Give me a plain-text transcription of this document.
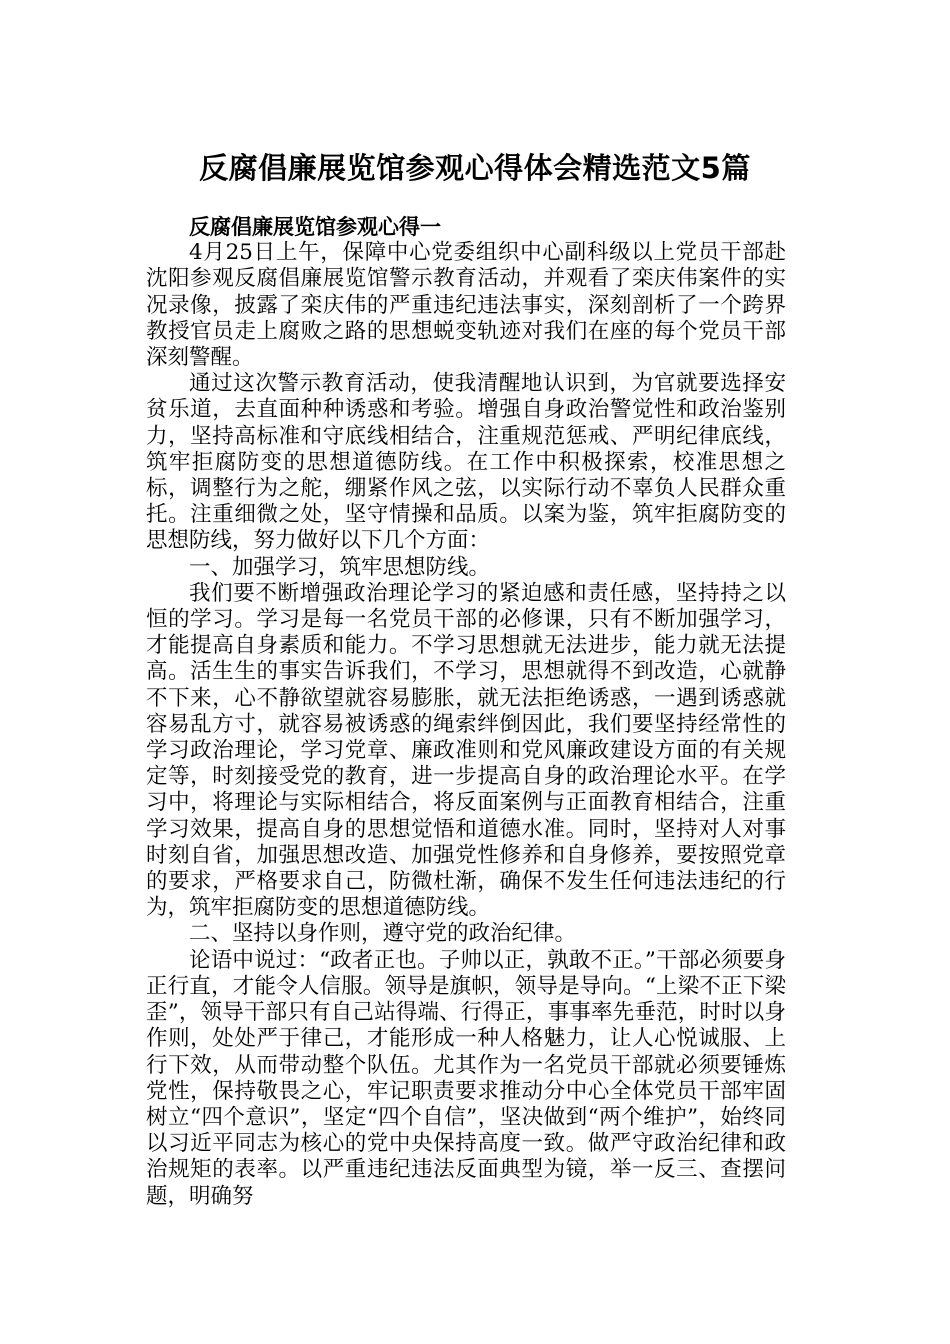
反腐倡廉展览馆参观心得体会精选范文5篇

反腐倡廉展览馆参观心得一

4月25日上午，保障中心党委组织中心副科级以上党员干部赴沈阳参观反腐倡廉展览馆警示教育活动，并观看了栾庆伟案件的实况录像，披露了栾庆伟的严重违纪违法事实，深刻剖析了一个跨界教授官员走上腐败之路的思想蜕变轨迹对我们在座的每个党员干部深刻警醒。

通过这次警示教育活动，使我清醒地认识到，为官就要选择安贫乐道，去直面种种诱惑和考验。增强自身政治警觉性和政治鉴别力，坚持高标准和守底线相结合，注重规范惩戒、严明纪律底线，筑牢拒腐防变的思想道德防线。在工作中积极探索，校准思想之标，调整行为之舵，绷紧作风之弦，以实际行动不辜负人民群众重托。注重细微之处，坚守情操和品质。以案为鉴，筑牢拒腐防变的思想防线，努力做好以下几个方面：

一、加强学习，筑牢思想防线。

我们要不断增强政治理论学习的紧迫感和责任感，坚持持之以恒的学习。学习是每一名党员干部的必修课，只有不断加强学习，才能提高自身素质和能力。不学习思想就无法进步，能力就无法提高。活生生的事实告诉我们，不学习，思想就得不到改造，心就静不下来，心不静欲望就容易膨胀，就无法拒绝诱惑，一遇到诱惑就容易乱方寸，就容易被诱惑的绳索绊倒因此，我们要坚持经常性的学习政治理论，学习党章、廉政准则和党风廉政建设方面的有关规定等，时刻接受党的教育，进一步提高自身的政治理论水平。在学习中，将理论与实际相结合，将反面案例与正面教育相结合，注重学习效果，提高自身的思想觉悟和道德水准。同时，坚持对人对事时刻自省，加强思想改造、加强党性修养和自身修养，要按照党章的要求，严格要求自己，防微杜渐，确保不发生任何违法违纪的行为，筑牢拒腐防变的思想道德防线。

二、坚持以身作则，遵守党的政治纪律。

论语中说过：“政者正也。子帅以正，孰敢不正。”干部必须要身正行直，才能令人信服。领导是旗帜，领导是导向。“上梁不正下梁歪”，领导干部只有自己站得端、行得正，事事率先垂范，时时以身作则，处处严于律己，才能形成一种人格魅力，让人心悦诚服、上行下效，从而带动整个队伍。尤其作为一名党员干部就必须要锤炼党性，保持敬畏之心，牢记职责要求推动分中心全体党员干部牢固树立“四个意识”，坚定“四个自信”，坚决做到“两个维护”，始终同以习近平同志为核心的党中央保持高度一致。做严守政治纪律和政治规矩的表率。以严重违纪违法反面典型为镜，举一反三、查摆问题，明确努
